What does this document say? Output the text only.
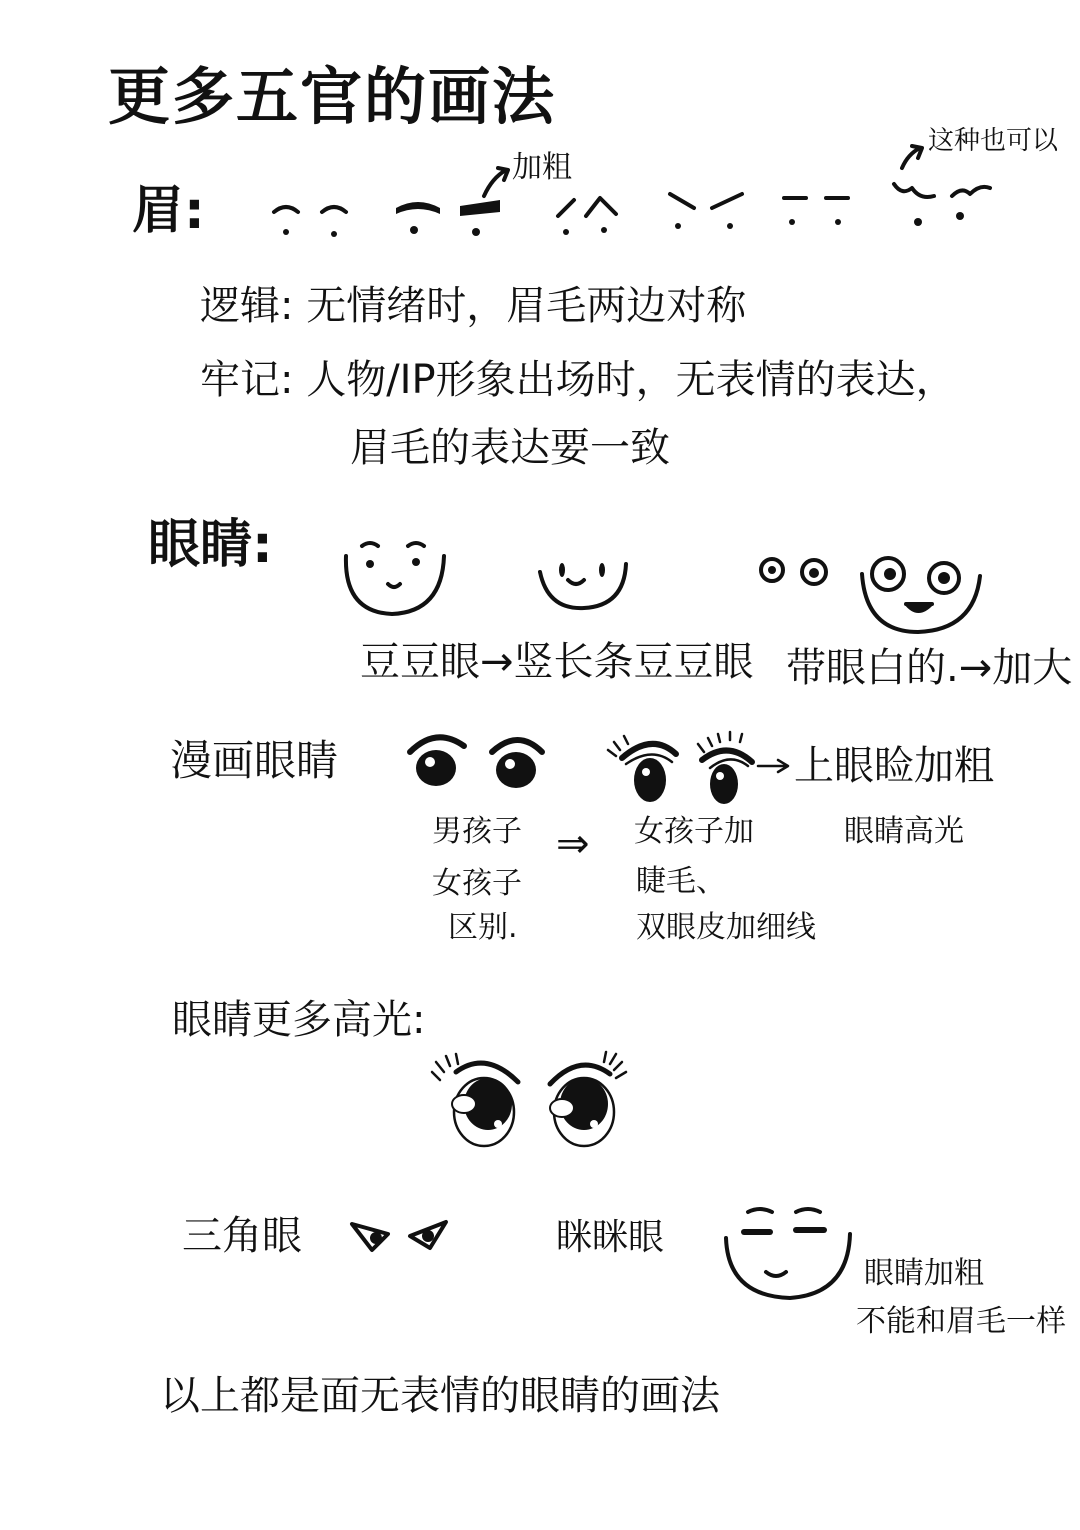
更多五官的画法
眉:
加粗
这种也可以
逻辑: 无情绪时，眉毛两边对称
牢记: 人物/IP形象出场时，无表情的表达，
眉毛的表达要一致
眼睛:
豆豆眼→竖长条豆豆眼 带眼白的.→加大
漫画眼睛	上眼睑加粗
男孩子
女孩子
区别.
⇒ 女孩子加
睫毛、
双眼皮加细线
眼睛高光
眼睛更多高光:
三角眼	眯眯眼
眼睛加粗
不能和眉毛一样
以上都是面无表情的眼睛的画法
